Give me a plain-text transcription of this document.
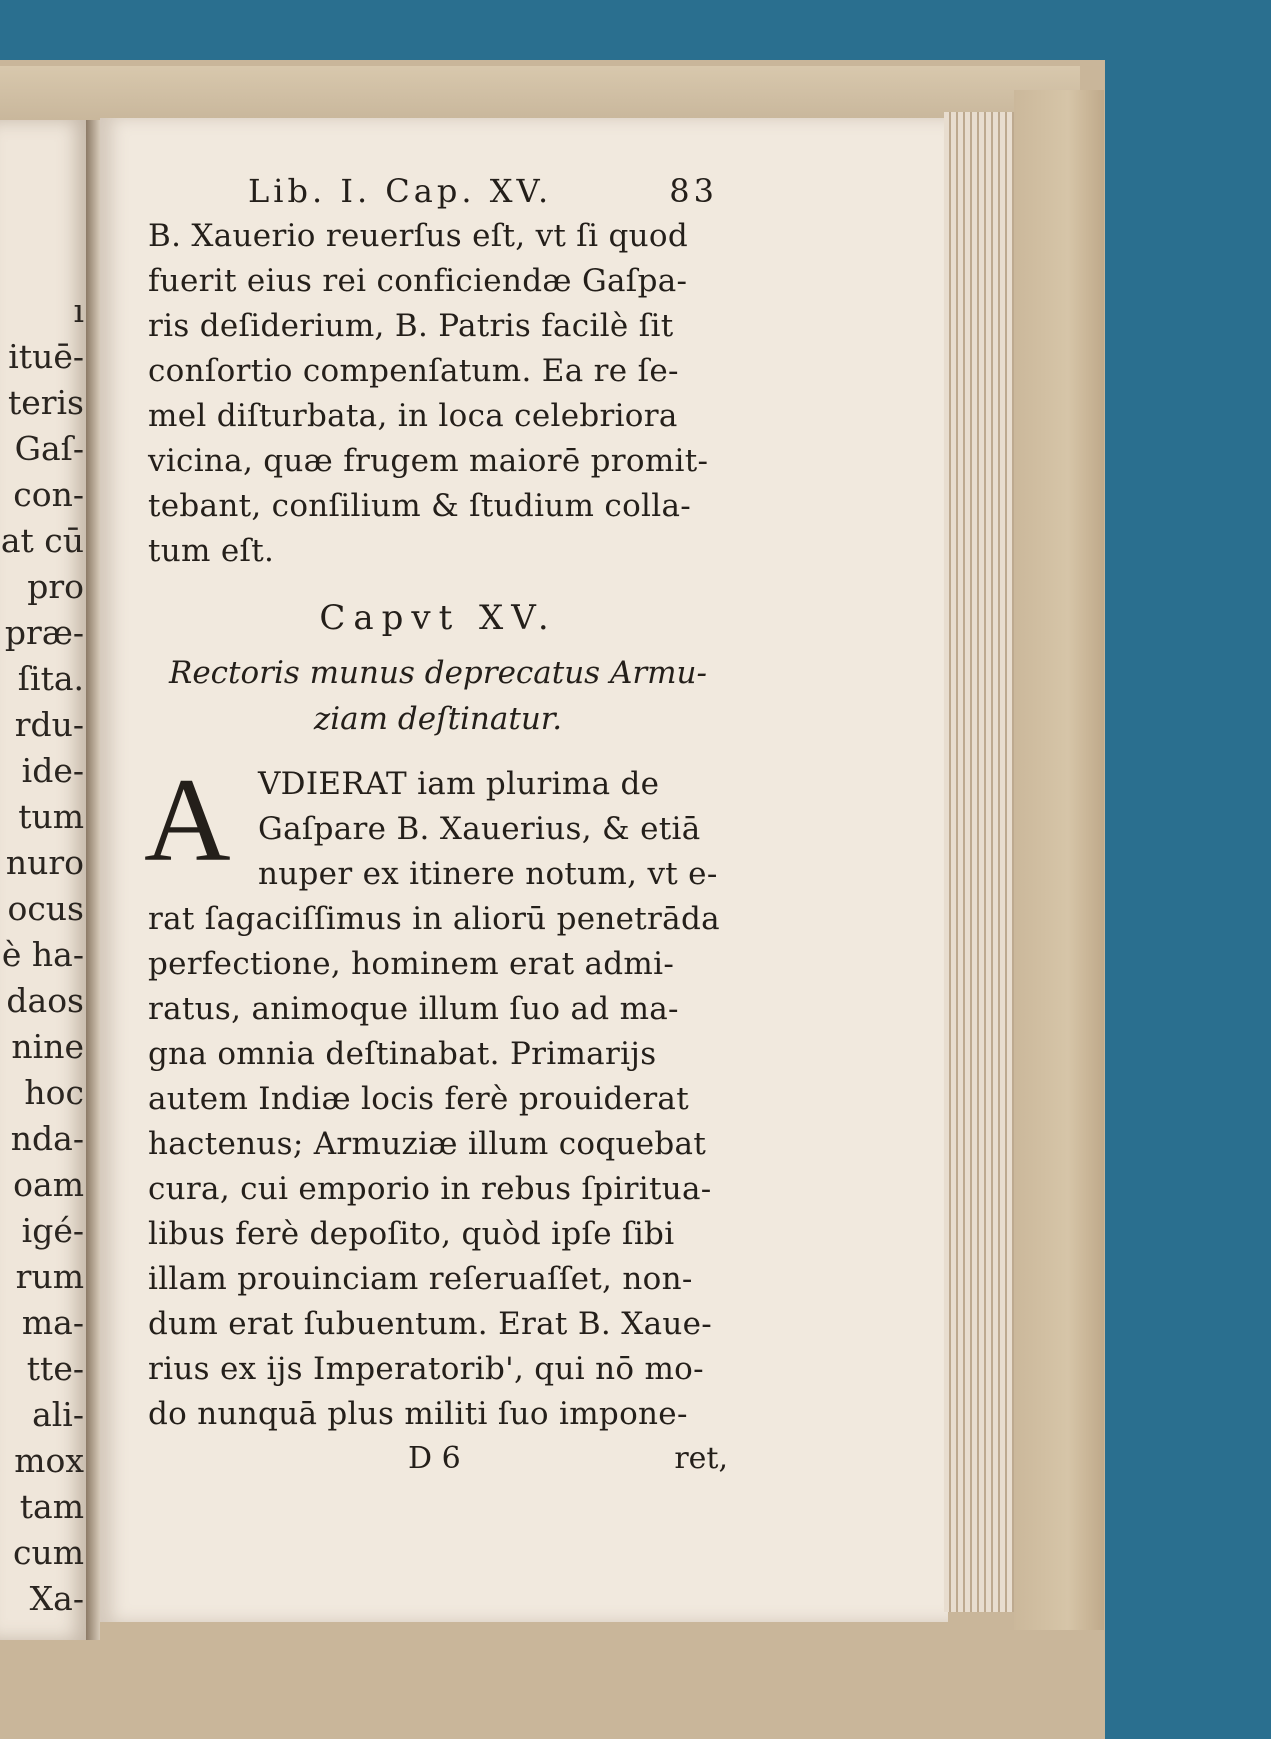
ı
ituē-
teris
Gaſ-
con-
at cū
pro
præ-
ſita.
rdu-
ide-
tum
nuro
ocus
è ha-
daos
nine
hoc
nda-
oam
igé-
rum
ma-
tte-
ali-
mox
tam
cum
Xa-
Lib. I. Cap. XV.	83
B. Xauerio reuerſus eſt, vt ſi quod
fuerit eius rei conficiendæ Gaſpa-
ris deſiderium, B. Patris facilè ſit
conſortio compenſatum. Ea re ſe-
mel diſturbata, in loca celebriora
vicina, quæ frugem maiorē promit-
tebant, conſilium & ſtudium colla-
tum eſt.
Capvt XV.
Rectoris munus deprecatus Armu-
ziam deſtinatur.
A VDIERAT iam plurima de
Gaſpare B. Xauerius, & etiā
nuper ex itinere notum, vt e-
rat ſagaciſſimus in aliorū penetrāda
perfectione, hominem erat admi-
ratus, animoque illum ſuo ad ma-
gna omnia deſtinabat. Primarijs
autem Indiæ locis ferè prouiderat
hactenus; Armuziæ illum coquebat
cura, cui emporio in rebus ſpiritua-
libus ferè depoſito, quòd ipſe ſibi
illam prouinciam reſeruaſſet, non-
dum erat ſubuentum. Erat B. Xaue-
rius ex ijs Imperatorib', qui nō mo-
do nunquā plus militi ſuo impone-
D 6	ret,
